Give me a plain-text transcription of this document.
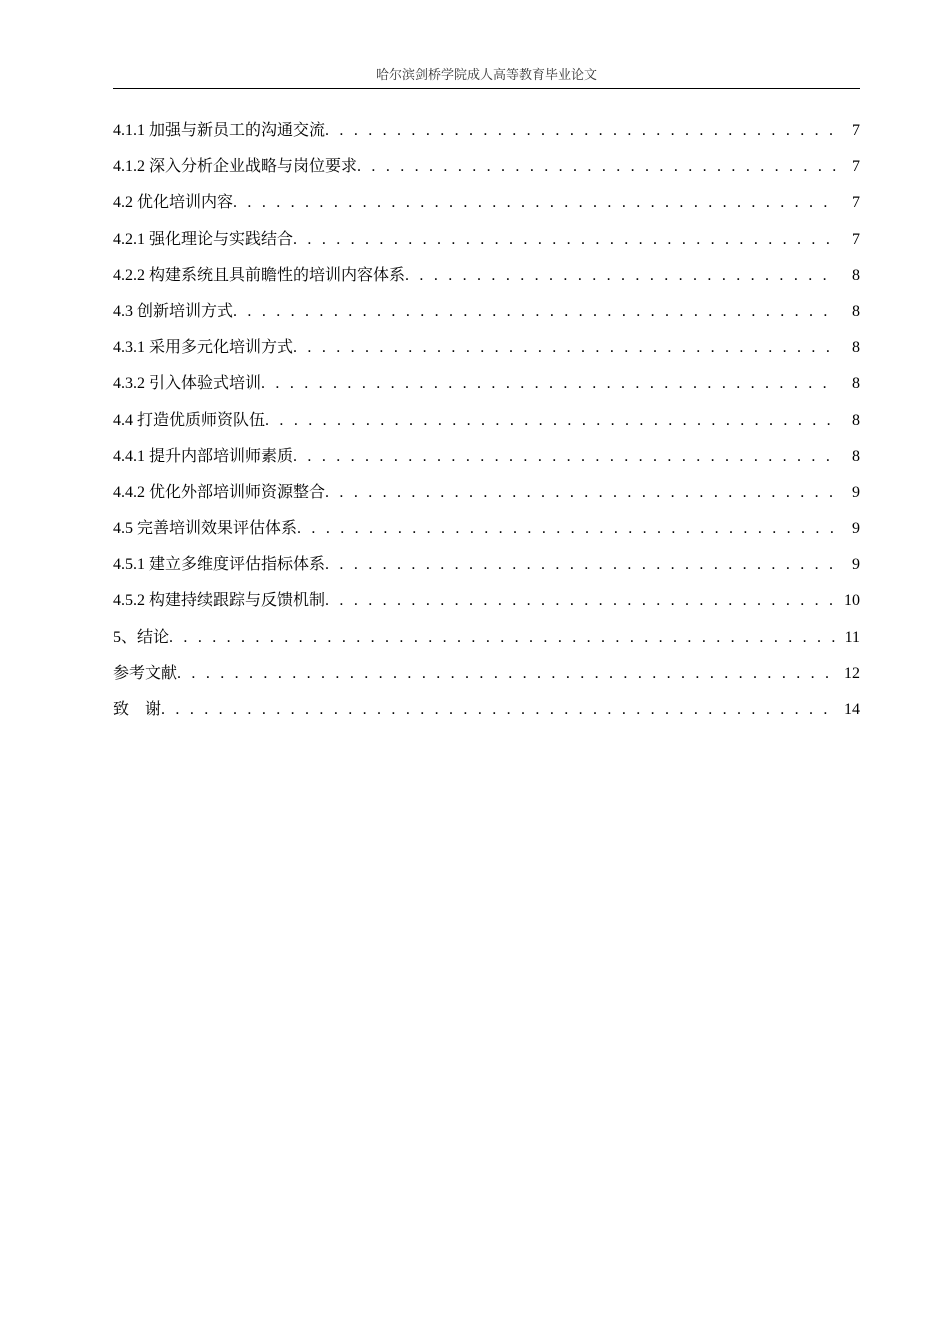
哈尔滨剑桥学院成人高等教育毕业论文
4.1.1 加强与新员工的沟通交流 . . .	7
4.1.2 深入分析企业战略与岗位要求 . . .	7
4.2 优化培训内容 . . .	7
4.2.1 强化理论与实践结合 . . .	7
4.2.2 构建系统且具前瞻性的培训内容体系 . . .	8
4.3 创新培训方式 . . .	8
4.3.1 采用多元化培训方式 . . .	8
4.3.2 引入体验式培训 . . .	8
4.4 打造优质师资队伍 . . .	8
4.4.1 提升内部培训师素质 . . .	8
4.4.2 优化外部培训师资源整合 . . .	9
4.5 完善培训效果评估体系 . . .	9
4.5.1 建立多维度评估指标体系 . . .	9
4.5.2 构建持续跟踪与反馈机制 . . .	10
5、结论 . . .	11
参考文献 . . .	12
致    谢 . . .	14
